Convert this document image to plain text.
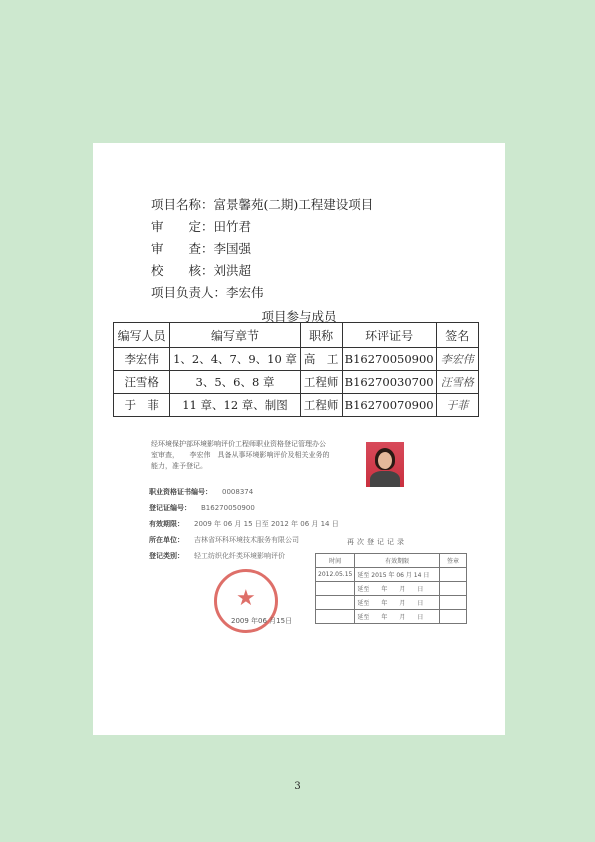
项目名称：富景馨苑(二期)工程建设项目
审　　定：田竹君
审　　查：李国强
校　　核：刘洪超
项目负责人：李宏伟
项目参与成员
编写人员	编写章节	职称	环评证号	签名
李宏伟	1、2、4、7、9、10 章	高　工	B16270050900	李宏伟
汪雪格	3、5、6、8 章	工程师	B16270030700	汪雪格
于　菲	11 章、12 章、制图	工程师	B16270070900	于菲
经环境保护部环境影响评价工程师职业资格登记管理办公室审查，　　李宏伟　具备从事环境影响评价及相关业务的能力，准予登记。
职业资格证书编号： 0008374
登记证编号： B16270050900
有效期限： 2009 年 06 月 15 日至 2012 年 06 月 14 日
所在单位： 吉林省环科环境技术服务有限公司
登记类别： 轻工纺织化纤类环境影响评价
★
2009 年06 月15日
再次登记记录
时间	有效期限	签章
2012.05.15	延至 2015 年 06 月 14 日	
	延至　　年　　月　　日	
	延至　　年　　月　　日	
	延至　　年　　月　　日	
3
